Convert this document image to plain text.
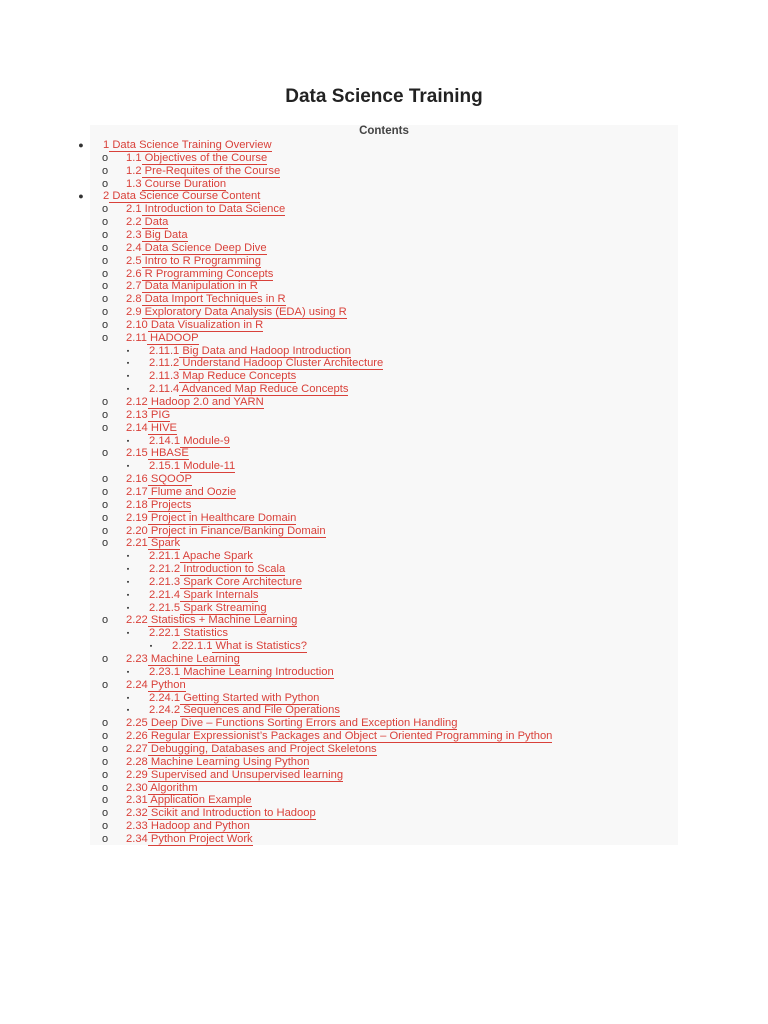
Data Science Training
Contents
●	1 Data Science Training Overview
o	1.1 Objectives of the Course
o	1.2 Pre-Requites of the Course
o	1.3 Course Duration
●	2 Data Science Course Content
o	2.1 Introduction to Data Science
o	2.2 Data
o	2.3 Big Data
o	2.4 Data Science Deep Dive
o	2.5 Intro to R Programming
o	2.6 R Programming Concepts
o	2.7 Data Manipulation in R
o	2.8 Data Import Techniques in R
o	2.9 Exploratory Data Analysis (EDA) using R
o	2.10 Data Visualization in R
o	2.11 HADOOP
▪	2.11.1 Big Data and Hadoop Introduction
▪	2.11.2 Understand Hadoop Cluster Architecture
▪	2.11.3 Map Reduce Concepts
▪	2.11.4 Advanced Map Reduce Concepts
o	2.12 Hadoop 2.0 and YARN
o	2.13 PIG
o	2.14 HIVE
▪	2.14.1 Module-9
o	2.15 HBASE
▪	2.15.1 Module-11
o	2.16 SQOOP
o	2.17 Flume and Oozie
o	2.18 Projects
o	2.19 Project in Healthcare Domain
o	2.20 Project in Finance/Banking Domain
o	2.21 Spark
▪	2.21.1 Apache Spark
▪	2.21.2 Introduction to Scala
▪	2.21.3 Spark Core Architecture
▪	2.21.4 Spark Internals
▪	2.21.5 Spark Streaming
o	2.22 Statistics + Machine Learning
▪	2.22.1 Statistics
▪	2.22.1.1 What is Statistics?
o	2.23 Machine Learning
▪	2.23.1 Machine Learning Introduction
o	2.24 Python
▪	2.24.1 Getting Started with Python
▪	2.24.2 Sequences and File Operations
o	2.25 Deep Dive – Functions Sorting Errors and Exception Handling
o	2.26 Regular Expressionist’s Packages and Object – Oriented Programming in Python
o	2.27 Debugging, Databases and Project Skeletons
o	2.28 Machine Learning Using Python
o	2.29 Supervised and Unsupervised learning
o	2.30 Algorithm
o	2.31 Application Example
o	2.32 Scikit and Introduction to Hadoop
o	2.33 Hadoop and Python
o	2.34 Python Project Work
